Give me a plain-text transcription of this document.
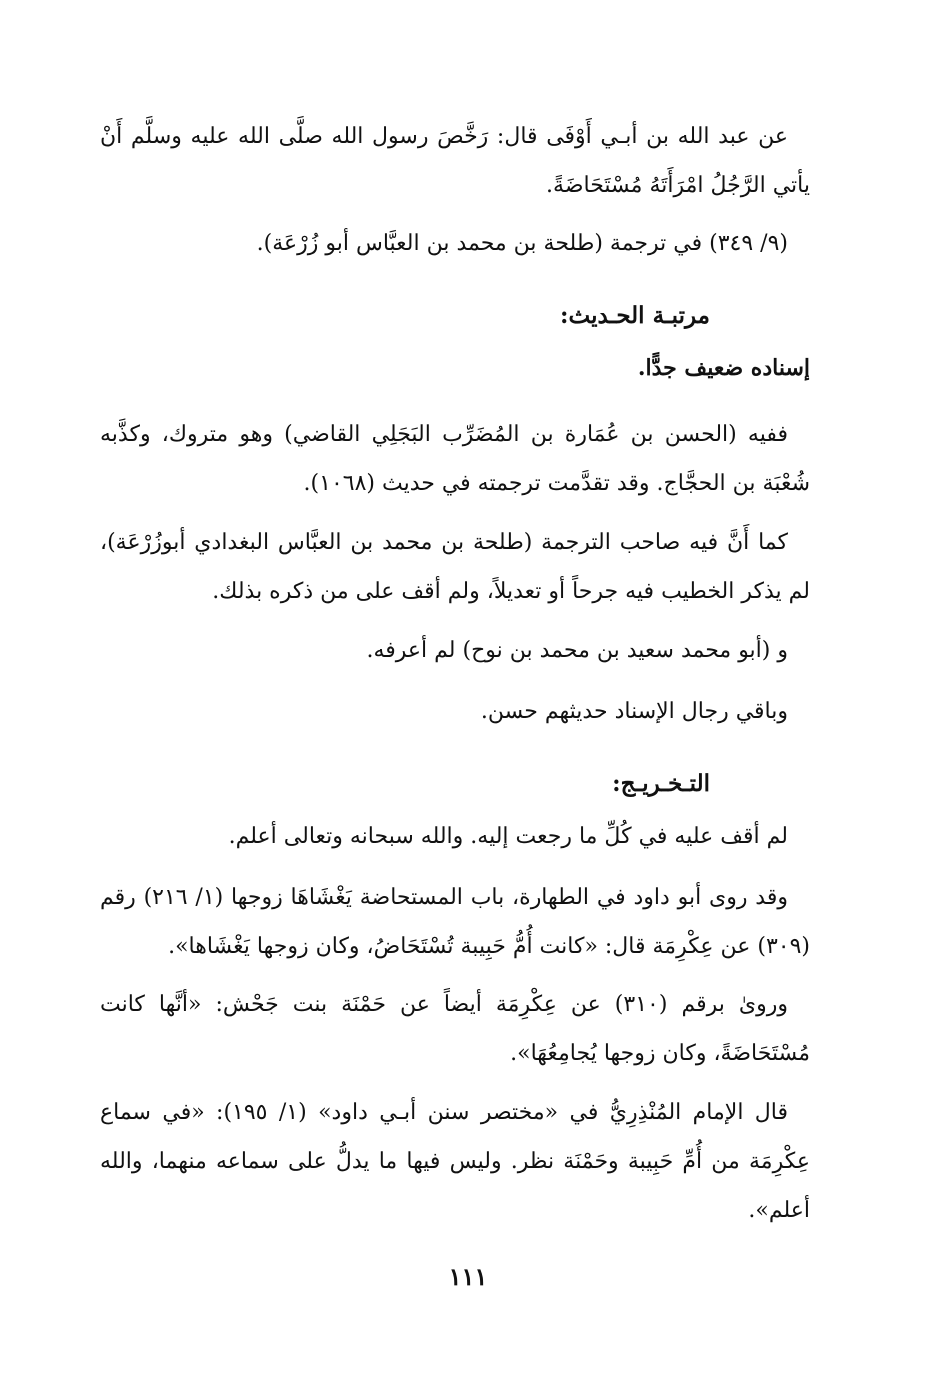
عن عبد الله بن أبـي أَوْفَى قال: رَخَّصَ رسول الله صلَّى الله عليه وسلَّم أَنْ يأتي الرَّجُلُ امْرَأَتَهُ مُسْتَحَاضَةً.

(٩/ ٣٤٩) في ترجمة (طلحة بن محمد بن العبَّاس أبو زُرْعَة).

مرتبـة الحـديث:

إسناده ضعيف جدًّا.

ففيه (الحسن بن عُمَارة بن المُضَرِّب البَجَلِي القاضي) وهو متروك، وكذَّبه شُعْبَة بن الحجَّاج. وقد تقدَّمت ترجمته في حديث (١٠٦٨).

كما أَنَّ فيه صاحب الترجمة (طلحة بن محمد بن العبَّاس البغدادي أبوزُرْعَة)، لم يذكر الخطيب فيه جرحاً أو تعديلاً، ولم أقف على من ذكره بذلك.

و (أبو محمد سعيد بن محمد بن نوح) لم أعرفه.

وباقي رجال الإسناد حديثهم حسن.

التـخـريـج:

لم أقف عليه في كُلِّ ما رجعت إليه. والله سبحانه وتعالى أعلم.

وقد روى أبو داود في الطهارة، باب المستحاضة يَغْشَاهَا زوجها (١/ ٢١٦) رقم (٣٠٩) عن عِكْرِمَة قال: «كانت أُمُّ حَبِيبة تُسْتَحَاضُ، وكان زوجها يَغْشَاها».

وروىٰ برقم (٣١٠) عن عِكْرِمَة أيضاً عن حَمْنَة بنت جَحْش: «أنَّها كانت مُسْتَحَاضَةً، وكان زوجها يُجامِعُهَا».

قال الإمام المُنْذِرِيُّ في «مختصر سنن أبـي داود» (١/ ١٩٥): «في سماع عِكْرِمَة من أُمِّ حَبِيبة وحَمْنَة نظر. وليس فيها ما يدلُّ على سماعه منهما، والله أعلم».

١١١
